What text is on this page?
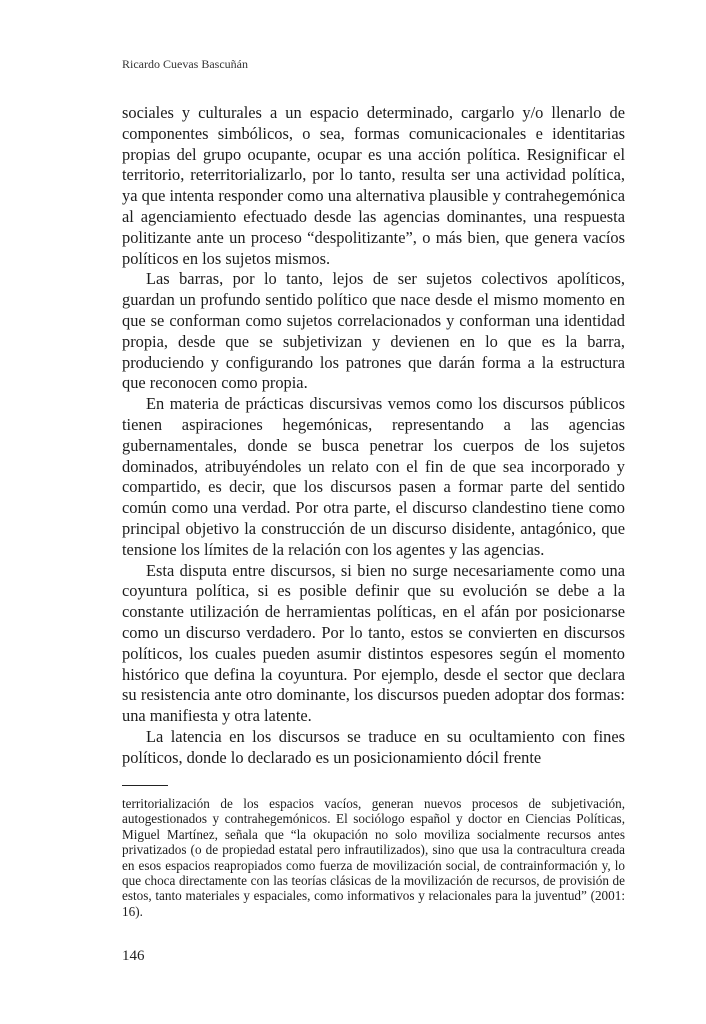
Ricardo Cuevas Bascuñán

sociales y culturales a un espacio determinado, cargarlo y/o llenarlo de componentes simbólicos, o sea, formas comunicacionales e identitarias propias del grupo ocupante, ocupar es una acción política. Resignificar el territorio, reterritorializarlo, por lo tanto, resulta ser una actividad política, ya que intenta responder como una alternativa plausible y contrahegemónica al agenciamiento efectuado desde las agencias dominantes, una respuesta politizante ante un proceso “despolitizante”, o más bien, que genera vacíos políticos en los sujetos mismos.

Las barras, por lo tanto, lejos de ser sujetos colectivos apolíticos, guardan un profundo sentido político que nace desde el mismo momento en que se conforman como sujetos correlacionados y conforman una identidad propia, desde que se subjetivizan y devienen en lo que es la barra, produciendo y configurando los patrones que darán forma a la estructura que reconocen como propia.

En materia de prácticas discursivas vemos como los discursos públicos tienen aspiraciones hegemónicas, representando a las agencias gubernamentales, donde se busca penetrar los cuerpos de los sujetos dominados, atribuyéndoles un relato con el fin de que sea incorporado y compartido, es decir, que los discursos pasen a formar parte del sentido común como una verdad. Por otra parte, el discurso clandestino tiene como principal objetivo la construcción de un discurso disidente, antagónico, que tensione los límites de la relación con los agentes y las agencias.

Esta disputa entre discursos, si bien no surge necesariamente como una coyuntura política, si es posible definir que su evolución se debe a la constante utilización de herramientas políticas, en el afán por posicionarse como un discurso verdadero. Por lo tanto, estos se convierten en discursos políticos, los cuales pueden asumir distintos espesores según el momento histórico que defina la coyuntura. Por ejemplo, desde el sector que declara su resistencia ante otro dominante, los discursos pueden adoptar dos formas: una manifiesta y otra latente.

La latencia en los discursos se traduce en su ocultamiento con fines políticos, donde lo declarado es un posicionamiento dócil frente

territorialización de los espacios vacíos, generan nuevos procesos de subjetivación, autogestionados y contrahegemónicos. El sociólogo español y doctor en Ciencias Políticas, Miguel Martínez, señala que “la okupación no solo moviliza socialmente recursos antes privatizados (o de propiedad estatal pero infrautilizados), sino que usa la contracultura creada en esos espacios reapropiados como fuerza de movilización social, de contrainformación y, lo que choca directamente con las teorías clásicas de la movilización de recursos, de provisión de estos, tanto materiales y espaciales, como informativos y relacionales para la juventud” (2001: 16).

146
